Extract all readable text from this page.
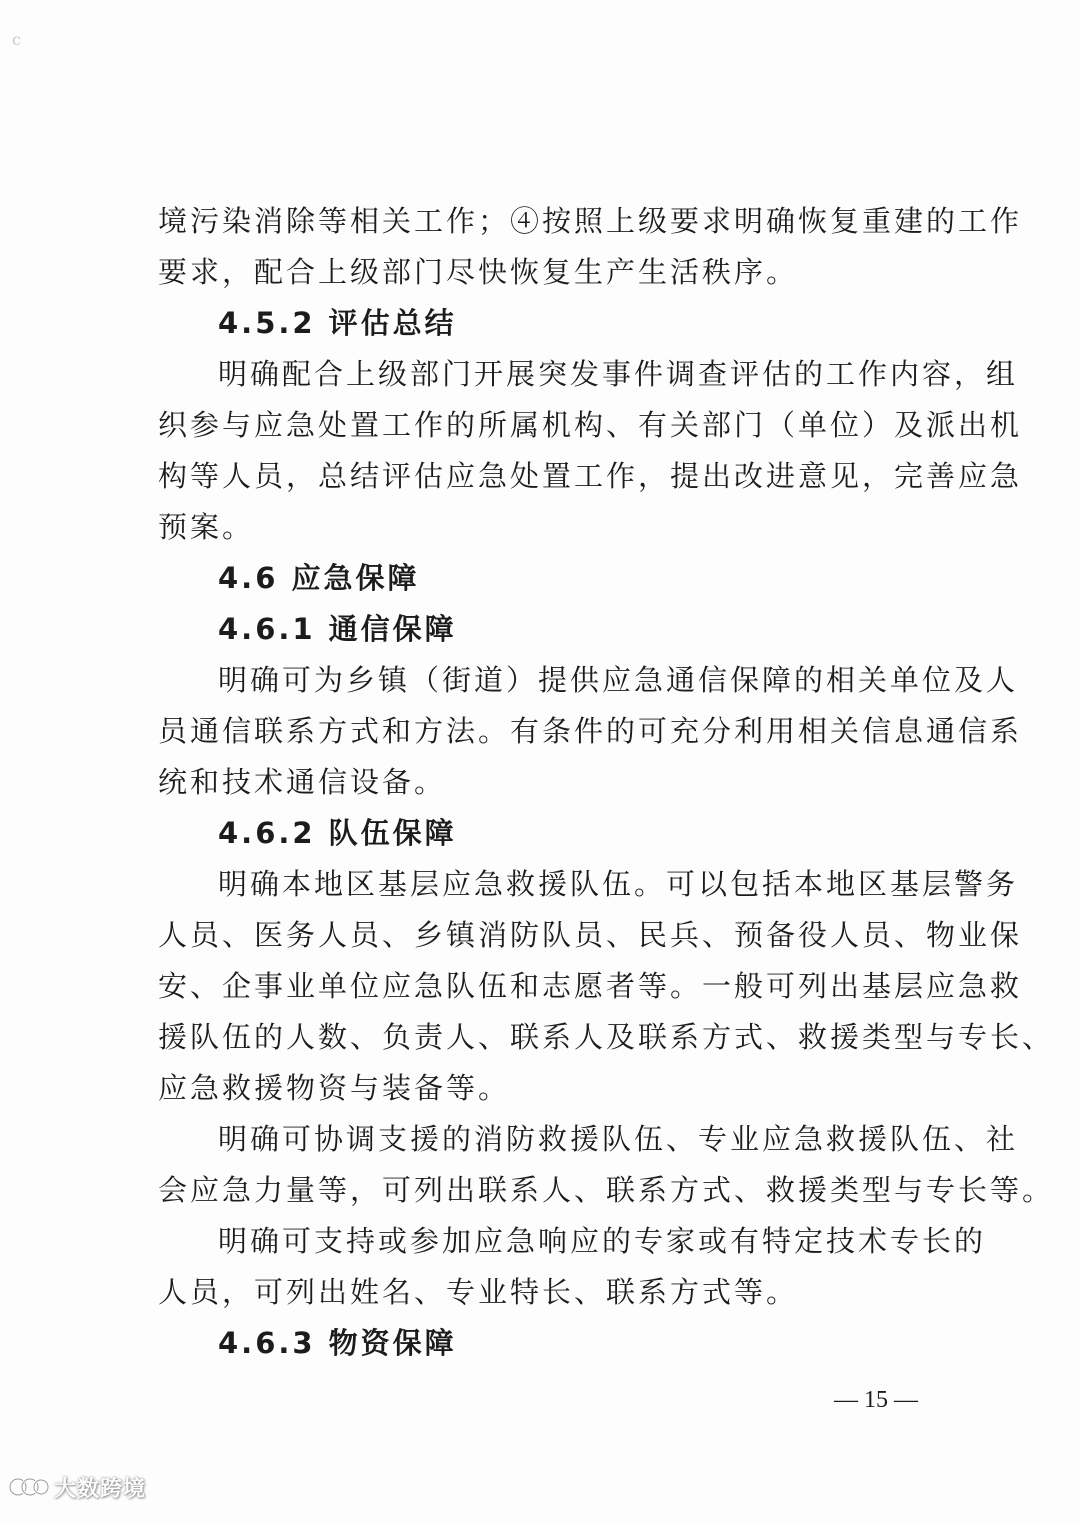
ⅽ
境污染消除等相关工作；④按照上级要求明确恢复重建的工作
要求，配合上级部门尽快恢复生产生活秩序。
4.5.2 评估总结
明确配合上级部门开展突发事件调查评估的工作内容，组
织参与应急处置工作的所属机构、有关部门（单位）及派出机
构等人员，总结评估应急处置工作，提出改进意见，完善应急
预案。
4.6 应急保障
4.6.1 通信保障
明确可为乡镇（街道）提供应急通信保障的相关单位及人
员通信联系方式和方法。有条件的可充分利用相关信息通信系
统和技术通信设备。
4.6.2 队伍保障
明确本地区基层应急救援队伍。可以包括本地区基层警务
人员、医务人员、乡镇消防队员、民兵、预备役人员、物业保
安、企事业单位应急队伍和志愿者等。一般可列出基层应急救
援队伍的人数、负责人、联系人及联系方式、救援类型与专长、
应急救援物资与装备等。
明确可协调支援的消防救援队伍、专业应急救援队伍、社
会应急力量等，可列出联系人、联系方式、救援类型与专长等。
明确可支持或参加应急响应的专家或有特定技术专长的
人员，可列出姓名、专业特长、联系方式等。
4.6.3 物资保障
— 15 —
大数跨境
